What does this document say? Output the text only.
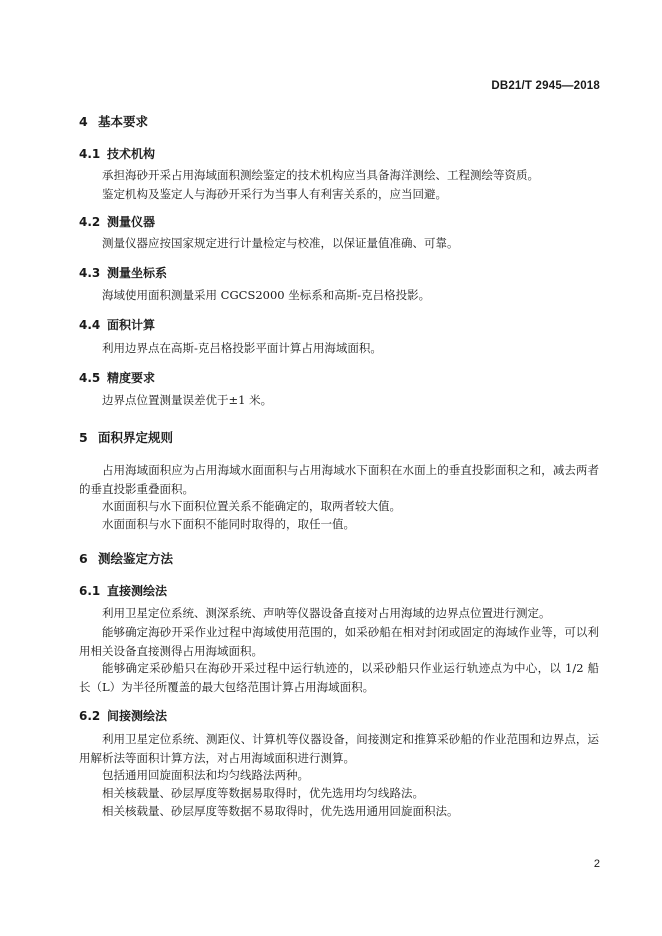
DB21/T 2945—2018
4 基本要求
4.1 技术机构
承担海砂开采占用海域面积测绘鉴定的技术机构应当具备海洋测绘、工程测绘等资质。
鉴定机构及鉴定人与海砂开采行为当事人有利害关系的，应当回避。
4.2 测量仪器
测量仪器应按国家规定进行计量检定与校准，以保证量值准确、可靠。
4.3 测量坐标系
海域使用面积测量采用 CGCS2000 坐标系和高斯-克吕格投影。
4.4 面积计算
利用边界点在高斯-克吕格投影平面计算占用海域面积。
4.5 精度要求
边界点位置测量误差优于±1 米。
5 面积界定规则
占用海域面积应为占用海域水面面积与占用海域水下面积在水面上的垂直投影面积之和，减去两者的垂直投影重叠面积。
水面面积与水下面积位置关系不能确定的，取两者较大值。
水面面积与水下面积不能同时取得的，取任一值。
6 测绘鉴定方法
6.1 直接测绘法
利用卫星定位系统、测深系统、声呐等仪器设备直接对占用海域的边界点位置进行测定。
能够确定海砂开采作业过程中海域使用范围的，如采砂船在相对封闭或固定的海域作业等，可以利用相关设备直接测得占用海域面积。
能够确定采砂船只在海砂开采过程中运行轨迹的，以采砂船只作业运行轨迹点为中心，以 1/2 船长（L）为半径所覆盖的最大包络范围计算占用海域面积。
6.2 间接测绘法
利用卫星定位系统、测距仪、计算机等仪器设备，间接测定和推算采砂船的作业范围和边界点，运用解析法等面积计算方法，对占用海域面积进行测算。
包括通用回旋面积法和均匀线路法两种。
相关核载量、砂层厚度等数据易取得时，优先选用均匀线路法。
相关核载量、砂层厚度等数据不易取得时，优先选用通用回旋面积法。
2
